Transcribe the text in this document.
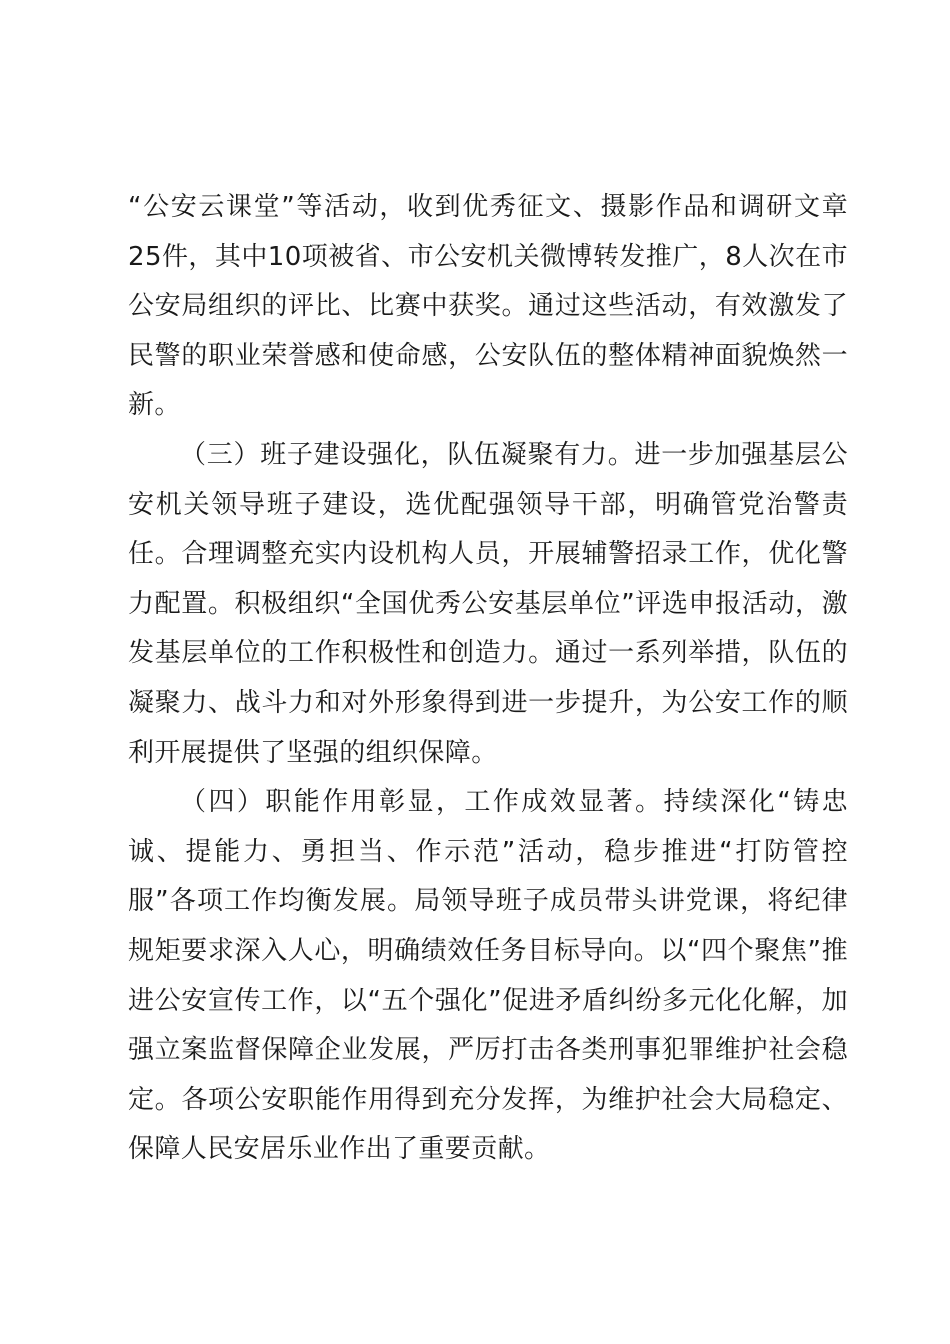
“公安云课堂”等活动，收到优秀征文、摄影作品和调研文章25件，其中10项被省、市公安机关微博转发推广，8人次在市公安局组织的评比、比赛中获奖。通过这些活动，有效激发了民警的职业荣誉感和使命感，公安队伍的整体精神面貌焕然一新。

（三）班子建设强化，队伍凝聚有力。进一步加强基层公安机关领导班子建设，选优配强领导干部，明确管党治警责任。合理调整充实内设机构人员，开展辅警招录工作，优化警力配置。积极组织“全国优秀公安基层单位”评选申报活动，激发基层单位的工作积极性和创造力。通过一系列举措，队伍的凝聚力、战斗力和对外形象得到进一步提升，为公安工作的顺利开展提供了坚强的组织保障。

（四）职能作用彰显，工作成效显著。持续深化“铸忠诚、提能力、勇担当、作示范”活动，稳步推进“打防管控服”各项工作均衡发展。局领导班子成员带头讲党课，将纪律规矩要求深入人心，明确绩效任务目标导向。以“四个聚焦”推进公安宣传工作，以“五个强化”促进矛盾纠纷多元化化解，加强立案监督保障企业发展，严厉打击各类刑事犯罪维护社会稳定。各项公安职能作用得到充分发挥，为维护社会大局稳定、保障人民安居乐业作出了重要贡献。
